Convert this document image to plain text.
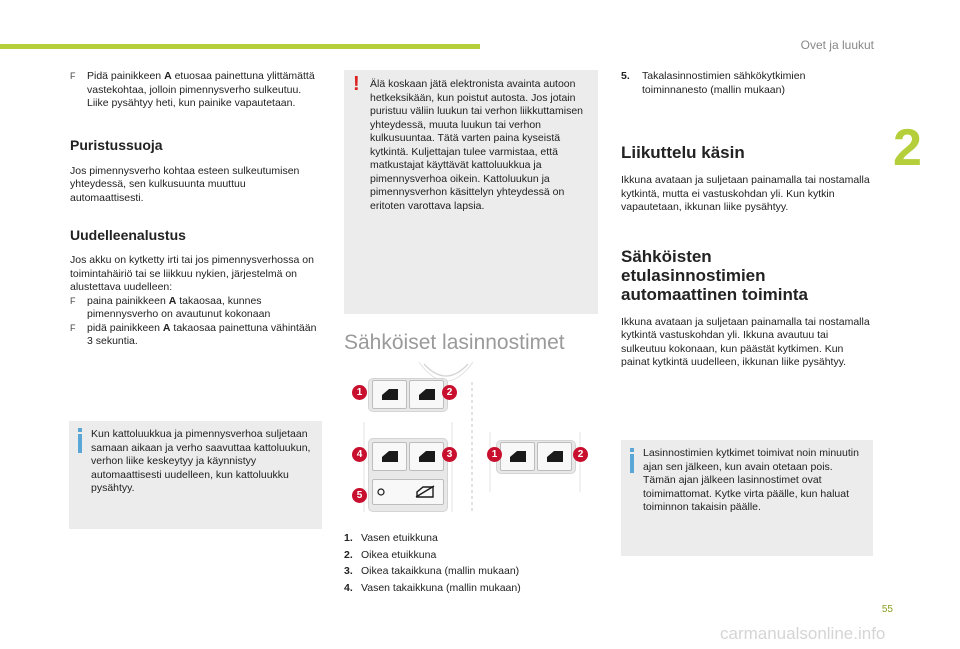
Ovet ja luukut
2
F	Pidä painikkeen A etuosaa painettuna ylittämättä vastekohtaa, jolloin pimennysverho sulkeutuu. Liike pysähtyy heti, kun painike vapautetaan.

Puristussuoja

Jos pimennysverho kohtaa esteen sulkeutumisen yhteydessä, sen kulkusuunta muuttuu automaattisesti.

Uudelleenalustus

Jos akku on kytketty irti tai jos pimennysverhossa on toimintahäiriö tai se liikkuu nykien, järjestelmä on alustettava uudelleen:

F	paina painikkeen A takaosaa, kunnes pimennysverho on avautunut kokonaan

F	pidä painikkeen A takaosaa painettuna vähintään 3 sekuntia.

Kun kattoluukkua ja pimennysverhoa suljetaan samaan aikaan ja verho saavuttaa kattoluukun, verhon liike keskeytyy ja käynnistyy automaattisesti uudelleen, kun kattoluukku pysähtyy.

! Älä koskaan jätä elektronista avainta autoon hetkeksikään, kun poistut autosta. Jos jotain puristuu väliin luukun tai verhon liikkuttamisen yhteydessä, muuta luukun tai verhon kulkusuuntaa. Tätä varten paina kyseistä kytkintä. Kuljettajan tulee varmistaa, että matkustajat käyttävät kattoluukkua ja pimennysverhoa oikein. Kattoluukun ja pimennysverhon käsittelyn yhteydessä on eritoten varottava lapsia.

Sähköiset lasinnostimet
1	2
4	3
5
1	2
1. Vasen etuikkuna
2. Oikea etuikkuna
3. Oikea takaikkuna (mallin mukaan)
4. Vasen takaikkuna (mallin mukaan)
5.	Takalasinnostimien sähkökytkimien toiminnanesto (mallin mukaan)
Liikuttelu käsin

Ikkuna avataan ja suljetaan painamalla tai nostamalla kytkintä, mutta ei vastuskohdan yli. Kun kytkin vapautetaan, ikkunan liike pysähtyy.

Sähköisten etulasinnostimien automaattinen toiminta

Ikkuna avataan ja suljetaan painamalla tai nostamalla kytkintä vastuskohdan yli. Ikkuna avautuu tai sulkeutuu kokonaan, kun päästät kytkimen. Kun painat kytkintä uudelleen, ikkunan liike pysähtyy.

Lasinnostimien kytkimet toimivat noin minuutin ajan sen jälkeen, kun avain otetaan pois. Tämän ajan jälkeen lasinnostimet ovat toimimattomat. Kytke virta päälle, kun haluat toiminnon takaisin päälle.

55
carmanualsonline.info
